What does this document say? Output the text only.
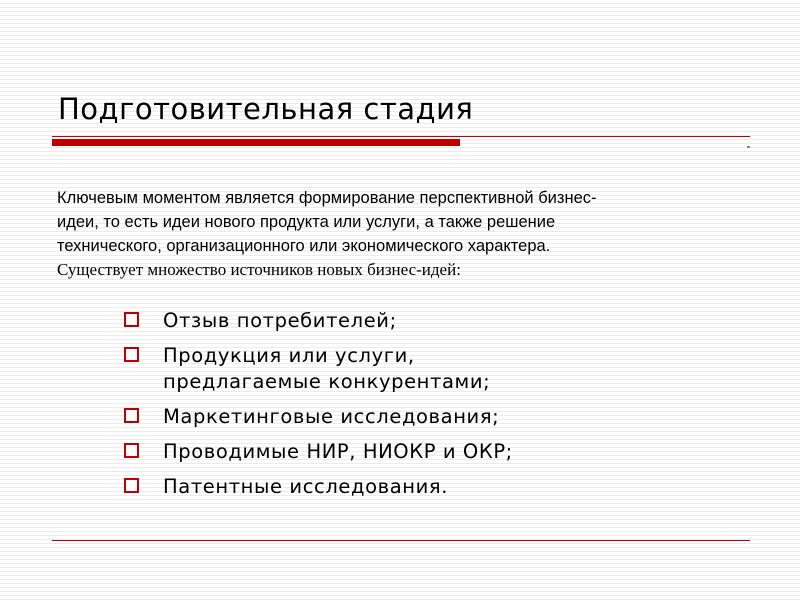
Подготовительная стадия

Ключевым моментом является формирование перспективной бизнес-

идеи, то есть идеи нового продукта или услуги, а также решение

технического, организационного или экономического характера.

Существует множество источников новых бизнес-идей:

Отзыв потребителей;
Продукция или услуги, предлагаемые конкурентами;
Маркетинговые исследования;
Проводимые НИР, НИОКР и ОКР;
Патентные исследования.
